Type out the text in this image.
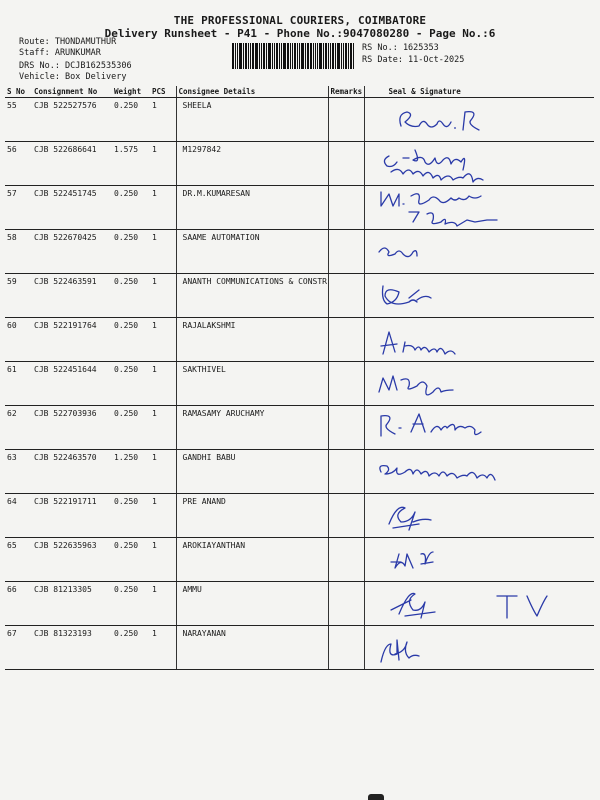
THE PROFESSIONAL COURIERS, COIMBATORE
Delivery Runsheet - P41 - Phone No.:9047080280 - Page No.:6
Route: THONDAMUTHUR
Staff: ARUNKUMAR
DRS No.: DCJB162535306
Vehicle: Box Delivery
RS No.: 1625353
RS Date: 11-Oct-2025
S No	Consignment No	Weight	PCS	Consignee Details	Remarks	Seal & Signature
55	CJB 522527576	0.250	1	SHEELA		

56	CJB 522686641	1.575	1	M1297842		

57	CJB 522451745	0.250	1	DR.M.KUMARESAN		

58	CJB 522670425	0.250	1	SAAME AUTOMATION		

59	CJB 522463591	0.250	1	ANANTH COMMUNICATIONS & CONSTR		

60	CJB 522191764	0.250	1	RAJALAKSHMI		

61	CJB 522451644	0.250	1	SAKTHIVEL		

62	CJB 522703936	0.250	1	RAMASAMY ARUCHAMY		

63	CJB 522463570	1.250	1	GANDHI BABU		

64	CJB 522191711	0.250	1	PRE ANAND		

65	CJB 522635963	0.250	1	AROKIAYANTHAN		

66	CJB 81213305	0.250	1	AMMU		

67	CJB 81323193	0.250	1	NARAYANAN		
